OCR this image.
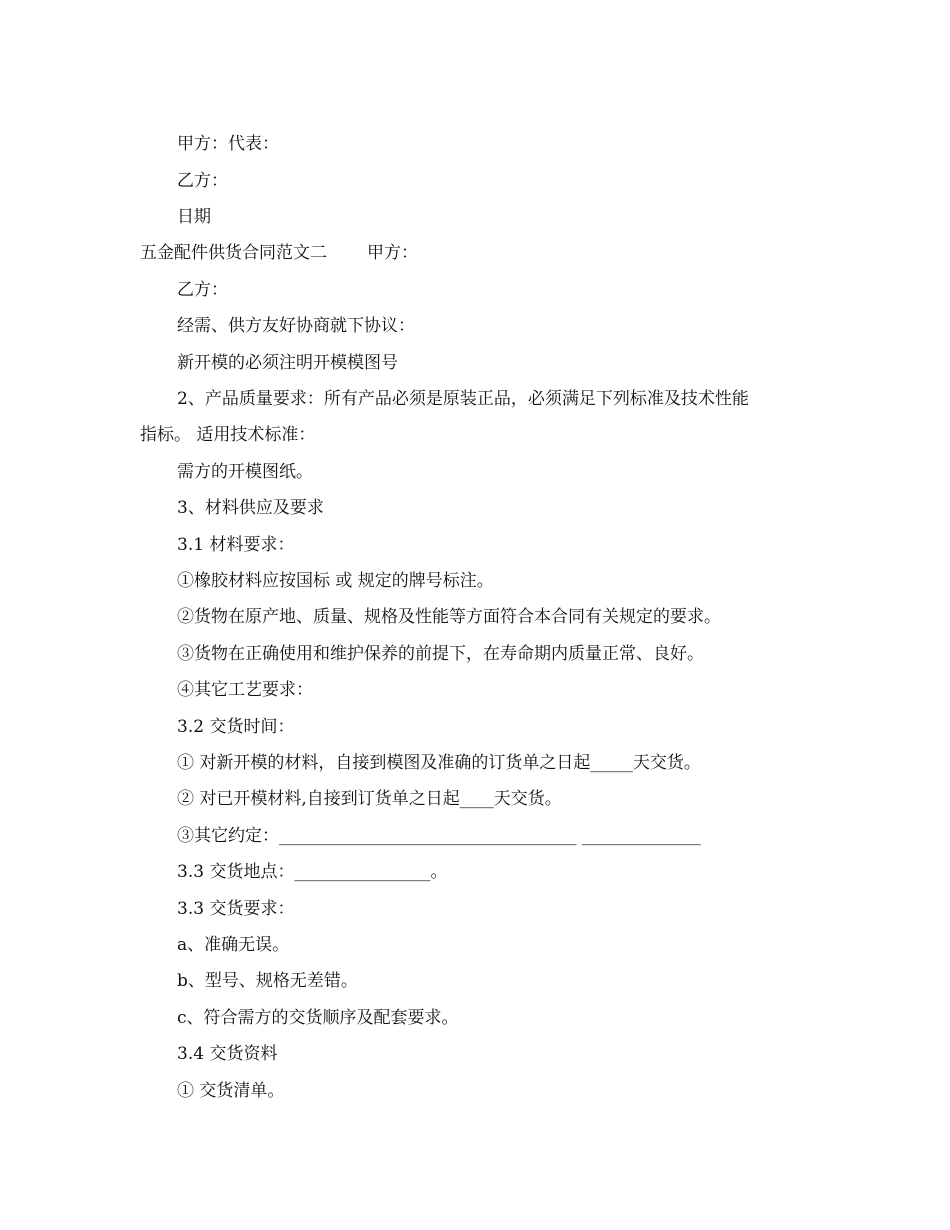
甲方：代表：

乙方：

日期

五金配件供货合同范文二 甲方：

乙方：

经需、供方友好协商就下协议：

新开模的必须注明开模模图号

2、产品质量要求：所有产品必须是原装正品，必须满足下列标准及技术性能

指标。 适用技术标准：

需方的开模图纸。

3、材料供应及要求

3.1 材料要求：

①橡胶材料应按国标 或 规定的牌号标注。

②货物在原产地、质量、规格及性能等方面符合本合同有关规定的要求。

③货物在正确使用和维护保养的前提下，在寿命期内质量正常、良好。

④其它工艺要求：

3.2 交货时间：

① 对新开模的材料，自接到模图及准确的订货单之日起_____天交货。

② 对已开模材料,自接到订货单之日起____天交货。

③其它约定：___________________________________ ______________

3.3 交货地点：________________。

3.3 交货要求：

a、准确无误。

b、型号、规格无差错。

c、符合需方的交货顺序及配套要求。

3.4 交货资料

① 交货清单。
